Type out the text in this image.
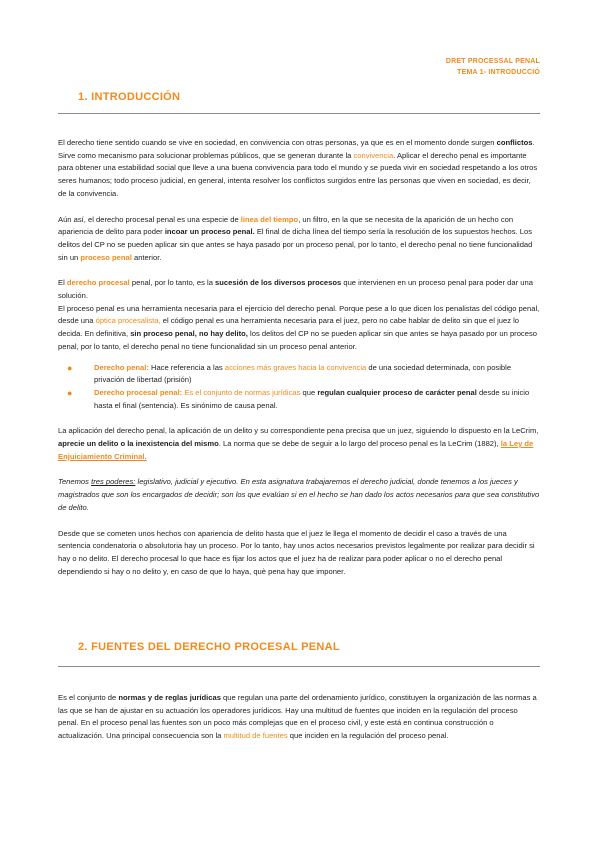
DRET PROCESSAL PENAL
TEMA 1- INTRODUCCIÓ
1. INTRODUCCIÓN

El derecho tiene sentido cuando se vive en sociedad, en convivencia con otras personas, ya que es en el momento donde surgen conflictos. Sirve como mecanismo para solucionar problemas públicos, que se generan durante la convivencia. Aplicar el derecho penal es importante para obtener una estabilidad social que lleve a una buena convivencia para todo el mundo y se pueda vivir en sociedad respetando a los otros seres humanos; todo proceso judicial, en general, intenta resolver los conflictos surgidos entre las personas que viven en sociedad, es decir, de la convivencia.

Aún así, el derecho procesal penal es una especie de linea del tiempo, un filtro, en la que se necesita de la aparición de un hecho con apariencia de delito para poder incoar un proceso penal. El final de dicha línea del tiempo sería la resolución de los supuestos hechos. Los delitos del CP no se pueden aplicar sin que antes se haya pasado por un proceso penal, por lo tanto, el derecho penal no tiene funcionalidad sin un proceso penal anterior.

El derecho procesal penal, por lo tanto, es la sucesión de los diversos procesos que intervienen en un proceso penal para poder dar una solución.

El proceso penal es una herramienta necesaria para el ejercicio del derecho penal. Porque pese a lo que dicen los penalistas del código penal, desde una óptica procesalista, el código penal es una herramienta necesaria para el juez, pero no cabe hablar de delito sin que el juez lo decida. En definitiva, sin proceso penal, no hay delito, los delitos del CP no se pueden aplicar sin que antes se haya pasado por un proceso penal, por lo tanto, el derecho penal no tiene funcionalidad sin un proceso penal anterior.

●	Derecho penal: Hace referencia a las acciones más graves hacia la convivencia de una sociedad determinada, con posible privación de libertad (prisión)
●	Derecho procesal penal: Es el conjunto de normas jurídicas que regulan cualquier proceso de carácter penal desde su inicio hasta el final (sentencia). Es sinónimo de causa penal.

La aplicación del derecho penal, la aplicación de un delito y su correspondiente pena precisa que un juez, siguiendo lo dispuesto en la LeCrim, aprecie un delito o la inexistencia del mismo. La norma que se debe de seguir a lo largo del proceso penal es la LeCrim (1882), la Ley de Enjuiciamiento Criminal.

Tenemos tres poderes: legislativo, judicial y ejecutivo. En esta asignatura trabajaremos el derecho judicial, donde tenemos a los jueces y magistrados que son los encargados de decidir; son los que evalúan si en el hecho se han dado los actos necesarios para que sea constitutivo de delito.

Desde que se cometen unos hechos con apariencia de delito hasta que el juez le llega el momento de decidir el caso a través de una sentencia condenatoria o absolutoria hay un proceso. Por lo tanto, hay unos actos necesarios previstos legalmente por realizar para decidir si hay o no delito. El derecho procesal lo que hace es fijar los actos que el juez ha de realizar para poder aplicar o no el derecho penal dependiendo si hay o no delito y, en caso de que lo haya, què pena hay que imponer.

2. FUENTES DEL DERECHO PROCESAL PENAL

Es el conjunto de normas y de reglas jurídicas que regulan una parte del ordenamiento jurídico, constituyen la organización de las normas a las que se han de ajustar en su actuación los operadores jurídicos. Hay una multitud de fuentes que inciden en la regulación del proceso penal. En el proceso penal las fuentes son un poco más complejas que en el proceso civil, y este está en continua construcción o actualización. Una principal consecuencia son la multitud de fuentes que inciden en la regulación del proceso penal.
